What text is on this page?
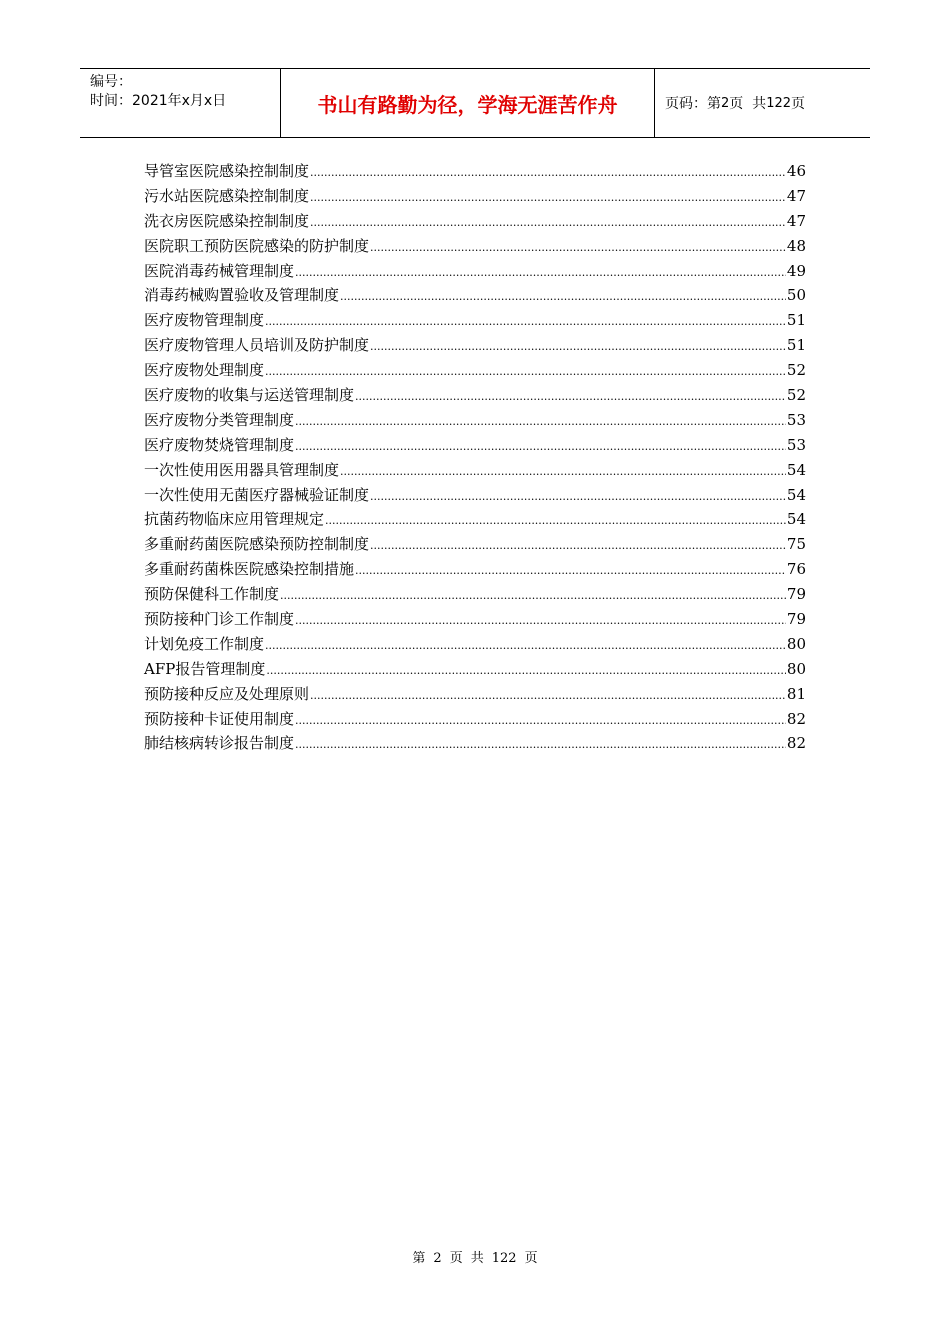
编号：
时间：2021年x月x日	书山有路勤为径，学海无涯苦作舟	页码：第 2 页  共 122 页
导管室医院感染控制制度 .....	46
污水站医院感染控制制度 .....	47
洗衣房医院感染控制制度 .....	47
医院职工预防医院感染的防护制度 .....	48
医院消毒药械管理制度 .....	49
消毒药械购置验收及管理制度 .....	50
医疗废物管理制度 .....	51
医疗废物管理人员培训及防护制度 .....	51
医疗废物处理制度 .....	52
医疗废物的收集与运送管理制度 .....	52
医疗废物分类管理制度 .....	53
医疗废物焚烧管理制度 .....	53
一次性使用医用器具管理制度 .....	54
一次性使用无菌医疗器械验证制度 .....	54
抗菌药物临床应用管理规定 .....	54
多重耐药菌医院感染预防控制制度 .....	75
多重耐药菌株医院感染控制措施 .....	76
预防保健科工作制度 .....	79
预防接种门诊工作制度 .....	79
计划免疫工作制度 .....	80
AFP报告管理制度 .....	80
预防接种反应及处理原则 .....	81
预防接种卡证使用制度 .....	82
肺结核病转诊报告制度 .....	82
第 2 页 共 122 页
